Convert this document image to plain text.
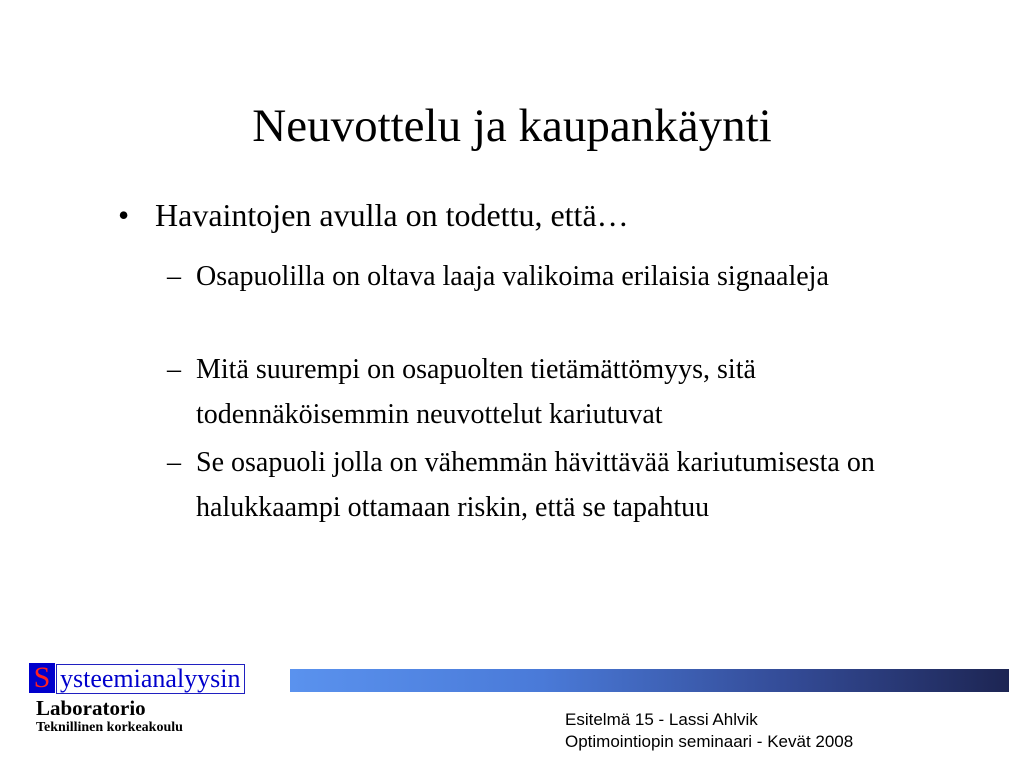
Neuvottelu ja kaupankäynti
• Havaintojen avulla on todettu, että…
– Osapuolilla on oltava laaja valikoima erilaisia signaaleja
– Mitä suurempi on osapuolten tietämättömyys, sitä todennäköisemmin neuvottelut kariutuvat
– Se osapuoli jolla on vähemmän hävittävää kariutumisesta on halukkaampi ottamaan riskin, että se tapahtuu
S ysteemianalyysin
Laboratorio
Teknillinen korkeakoulu	Esitelmä 15 - Lassi Ahlvik
Optimointiopin seminaari - Kevät 2008
